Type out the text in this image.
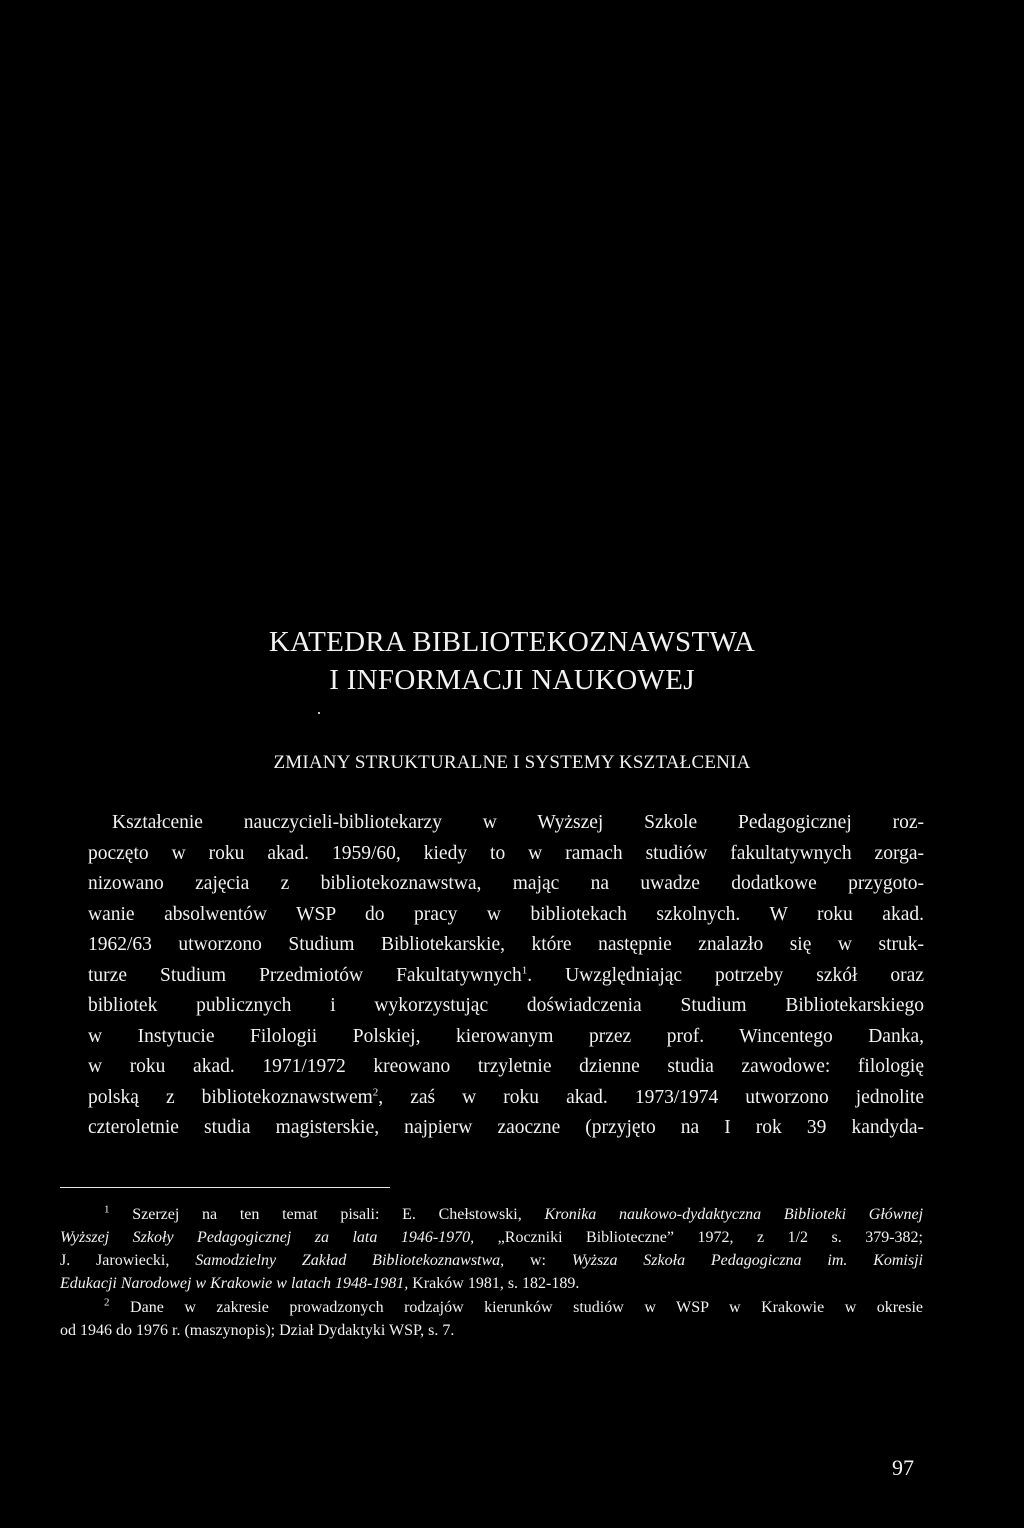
KATEDRA BIBLIOTEKOZNAWSTWA
I INFORMACJI NAUKOWEJ
ZMIANY STRUKTURALNE I SYSTEMY KSZTAŁCENIA
Kształcenie nauczycieli-bibliotekarzy w Wyższej Szkole Pedagogicznej roz-
poczęto w roku akad. 1959/60, kiedy to w ramach studiów fakultatywnych zorga-
nizowano zajęcia z bibliotekoznawstwa, mając na uwadze dodatkowe przygoto-
wanie absolwentów WSP do pracy w bibliotekach szkolnych. W roku akad.
1962/63 utworzono Studium Bibliotekarskie, które następnie znalazło się w struk-
turze Studium Przedmiotów Fakultatywnych$^1$. Uwzględniając potrzeby szkół oraz
bibliotek publicznych i wykorzystując doświadczenia Studium Bibliotekarskiego
w Instytucie Filologii Polskiej, kierowanym przez prof. Wincentego Danka,
w roku akad. 1971/1972 kreowano trzyletnie dzienne studia zawodowe: filologię
polską z bibliotekoznawstwem$^2$, zaś w roku akad. 1973/1974 utworzono jednolite
czteroletnie studia magisterskie, najpierw zaoczne (przyjęto na I rok 39 kandyda-
$^1$ Szerzej na ten temat pisali: E. Chełstowski, Kronika naukowo-dydaktyczna Biblioteki Głównej
Wyższej Szkoły Pedagogicznej za lata 1946-1970, „Roczniki Biblioteczne” 1972, z 1/2 s. 379-382;
J. Jarowiecki, Samodzielny Zakład Bibliotekoznawstwa, w: Wyższa Szkoła Pedagogiczna im. Komisji
Edukacji Narodowej w Krakowie w latach 1948-1981, Kraków 1981, s. 182-189.
$^2$ Dane w zakresie prowadzonych rodzajów kierunków studiów w WSP w Krakowie w okresie
od 1946 do 1976 r. (maszynopis); Dział Dydaktyki WSP, s. 7.
97
